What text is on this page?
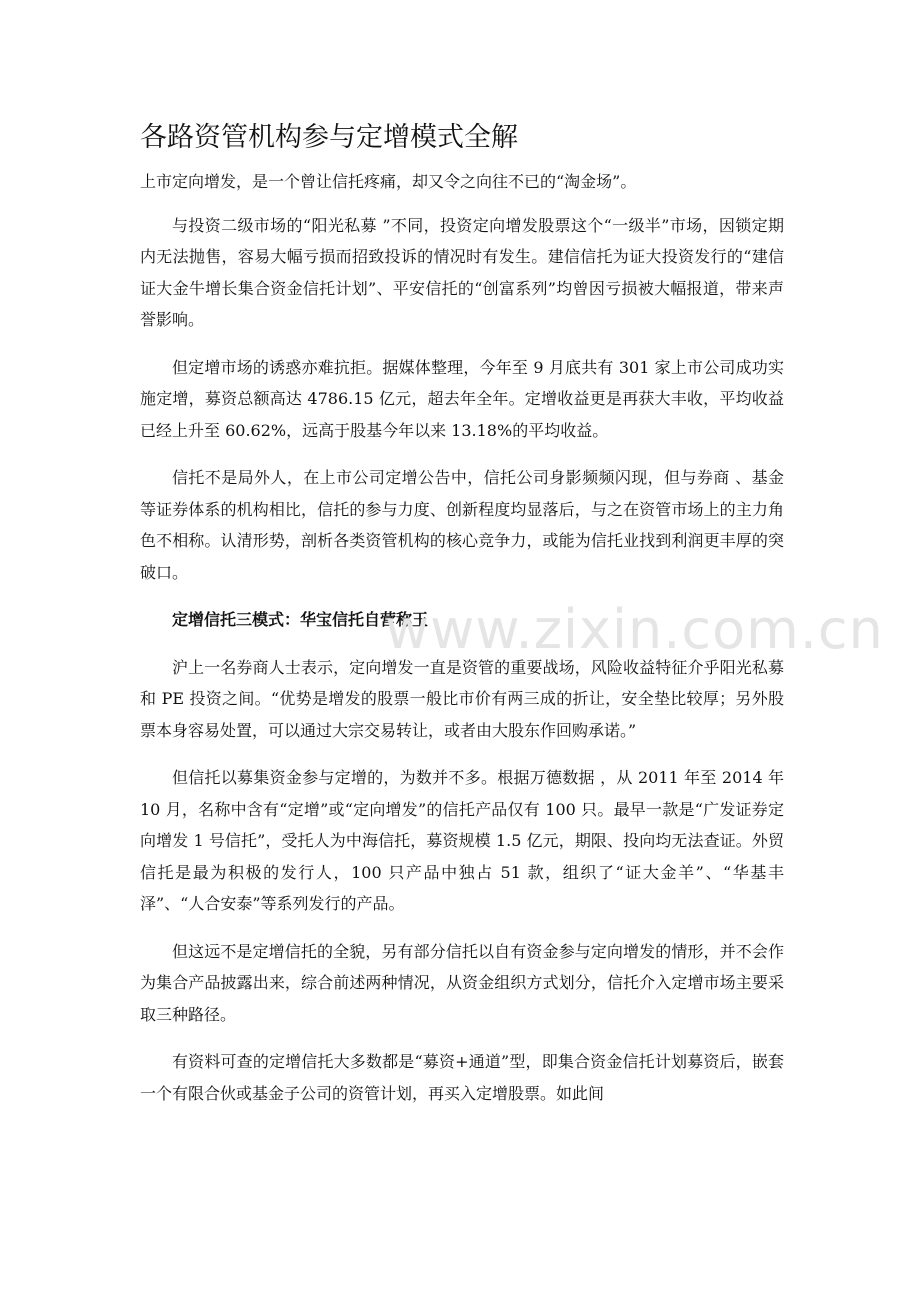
各路资管机构参与定增模式全解

上市定向增发，是一个曾让信托疼痛，却又令之向往不已的“淘金场”。

与投资二级市场的“阳光私募 ”不同，投资定向增发股票这个“一级半”市场，因锁定期内无法抛售，容易大幅亏损而招致投诉的情况时有发生。建信信托为证大投资发行的“建信证大金牛增长集合资金信托计划”、平安信托的“创富系列”均曾因亏损被大幅报道，带来声誉影响。

但定增市场的诱惑亦难抗拒。据媒体整理，今年至 9 月底共有 301 家上市公司成功实施定增，募资总额高达 4786.15 亿元，超去年全年。定增收益更是再获大丰收，平均收益已经上升至 60.62%，远高于股基今年以来 13.18%的平均收益。

信托不是局外人，在上市公司定增公告中，信托公司身影频频闪现，但与券商 、基金等证券体系的机构相比，信托的参与力度、创新程度均显落后，与之在资管市场上的主力角色不相称。认清形势，剖析各类资管机构的核心竞争力，或能为信托业找到利润更丰厚的突破口。

定增信托三模式：华宝信托自营称王

沪上一名券商人士表示，定向增发一直是资管的重要战场，风险收益特征介乎阳光私募和 PE 投资之间。“优势是增发的股票一般比市价有两三成的折让，安全垫比较厚；另外股票本身容易处置，可以通过大宗交易转让，或者由大股东作回购承诺。”

但信托以募集资金参与定增的，为数并不多。根据万德数据 ，从 2011 年至 2014 年 10 月，名称中含有“定增”或“定向增发”的信托产品仅有 100 只。最早一款是“广发证券定向增发 1 号信托”，受托人为中海信托，募资规模 1.5 亿元，期限、投向均无法查证。外贸信托是最为积极的发行人，100 只产品中独占 51 款，组织了“证大金羊”、“华基丰泽”、“人合安泰”等系列发行的产品。

但这远不是定增信托的全貌，另有部分信托以自有资金参与定向增发的情形，并不会作为集合产品披露出来，综合前述两种情况，从资金组织方式划分，信托介入定增市场主要采取三种路径。

有资料可查的定增信托大多数都是“募资+通道”型，即集合资金信托计划募资后，嵌套一个有限合伙或基金子公司的资管计划，再买入定增股票。如此间

www.zixin.com.cn
